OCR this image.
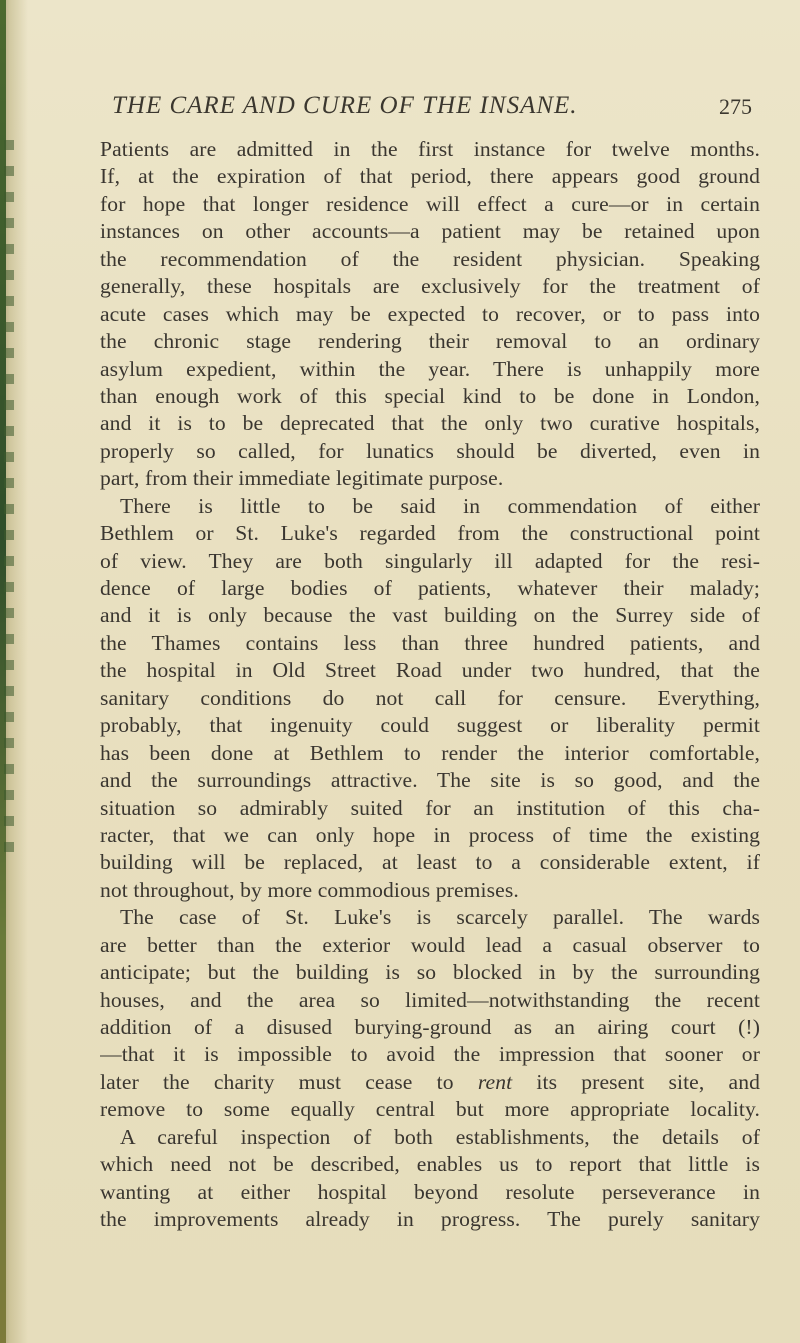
THE CARE AND CURE OF THE INSANE.	275
Patients are admitted in the first instance for twelve months.
If, at the expiration of that period, there appears good ground
for hope that longer residence will effect a cure—or in certain
instances on other accounts—a patient may be retained upon
the recommendation of the resident physician. Speaking
generally, these hospitals are exclusively for the treatment of
acute cases which may be expected to recover, or to pass into
the chronic stage rendering their removal to an ordinary
asylum expedient, within the year. There is unhappily more
than enough work of this special kind to be done in London,
and it is to be deprecated that the only two curative hospitals,
properly so called, for lunatics should be diverted, even in
part, from their immediate legitimate purpose.
There is little to be said in commendation of either
Bethlem or St. Luke's regarded from the constructional point
of view. They are both singularly ill adapted for the resi-
dence of large bodies of patients, whatever their malady;
and it is only because the vast building on the Surrey side of
the Thames contains less than three hundred patients, and
the hospital in Old Street Road under two hundred, that the
sanitary conditions do not call for censure. Everything,
probably, that ingenuity could suggest or liberality permit
has been done at Bethlem to render the interior comfortable,
and the surroundings attractive. The site is so good, and the
situation so admirably suited for an institution of this cha-
racter, that we can only hope in process of time the existing
building will be replaced, at least to a considerable extent, if
not throughout, by more commodious premises.
The case of St. Luke's is scarcely parallel. The wards
are better than the exterior would lead a casual observer to
anticipate; but the building is so blocked in by the surrounding
houses, and the area so limited—notwithstanding the recent
addition of a disused burying-ground as an airing court (!)
—that it is impossible to avoid the impression that sooner or
later the charity must cease to rent its present site, and
remove to some equally central but more appropriate locality.
A careful inspection of both establishments, the details of
which need not be described, enables us to report that little is
wanting at either hospital beyond resolute perseverance in
the improvements already in progress. The purely sanitary
